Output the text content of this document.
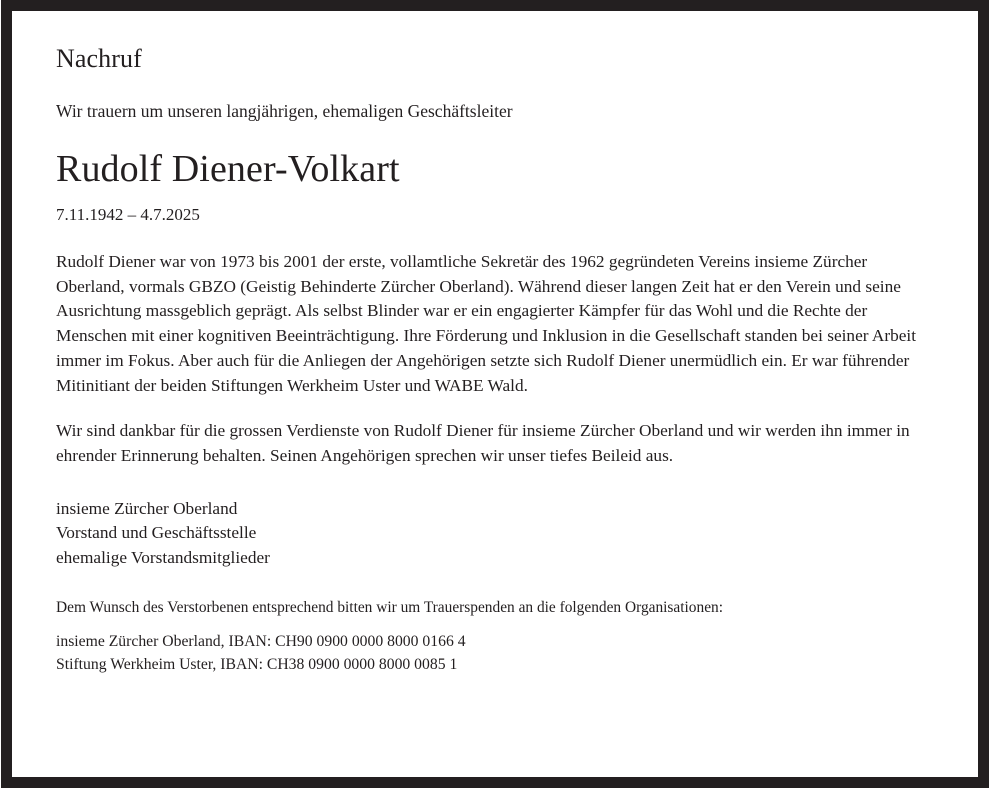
Nachruf
Wir trauern um unseren langjährigen, ehemaligen Geschäftsleiter
Rudolf Diener-Volkart
7.11.1942 – 4.7.2025
Rudolf Diener war von 1973 bis 2001 der erste, vollamtliche Sekretär des 1962 gegründeten Vereins insieme Zürcher Oberland, vormals GBZO (Geistig Behinderte Zürcher Oberland). Während dieser langen Zeit hat er den Verein und seine Ausrichtung massgeblich geprägt. Als selbst Blinder war er ein engagierter Kämpfer für das Wohl und die Rechte der Menschen mit einer kognitiven Beeinträchtigung. Ihre Förderung und Inklusion in die Gesellschaft standen bei seiner Arbeit immer im Fokus. Aber auch für die Anliegen der Angehörigen setzte sich Rudolf Diener unermüdlich ein. Er war führender Mitinitiant der beiden Stiftungen Werkheim Uster und WABE Wald.
Wir sind dankbar für die grossen Verdienste von Rudolf Diener für insieme Zürcher Oberland und wir werden ihn immer in ehrender Erinnerung behalten. Seinen Angehörigen sprechen wir unser tiefes Beileid aus.
insieme Zürcher Oberland
Vorstand und Geschäftsstelle
ehemalige Vorstandsmitglieder
Dem Wunsch des Verstorbenen entsprechend bitten wir um Trauerspenden an die folgenden Organisationen:
insieme Zürcher Oberland, IBAN: CH90 0900 0000 8000 0166 4
Stiftung Werkheim Uster, IBAN: CH38 0900 0000 8000 0085 1
